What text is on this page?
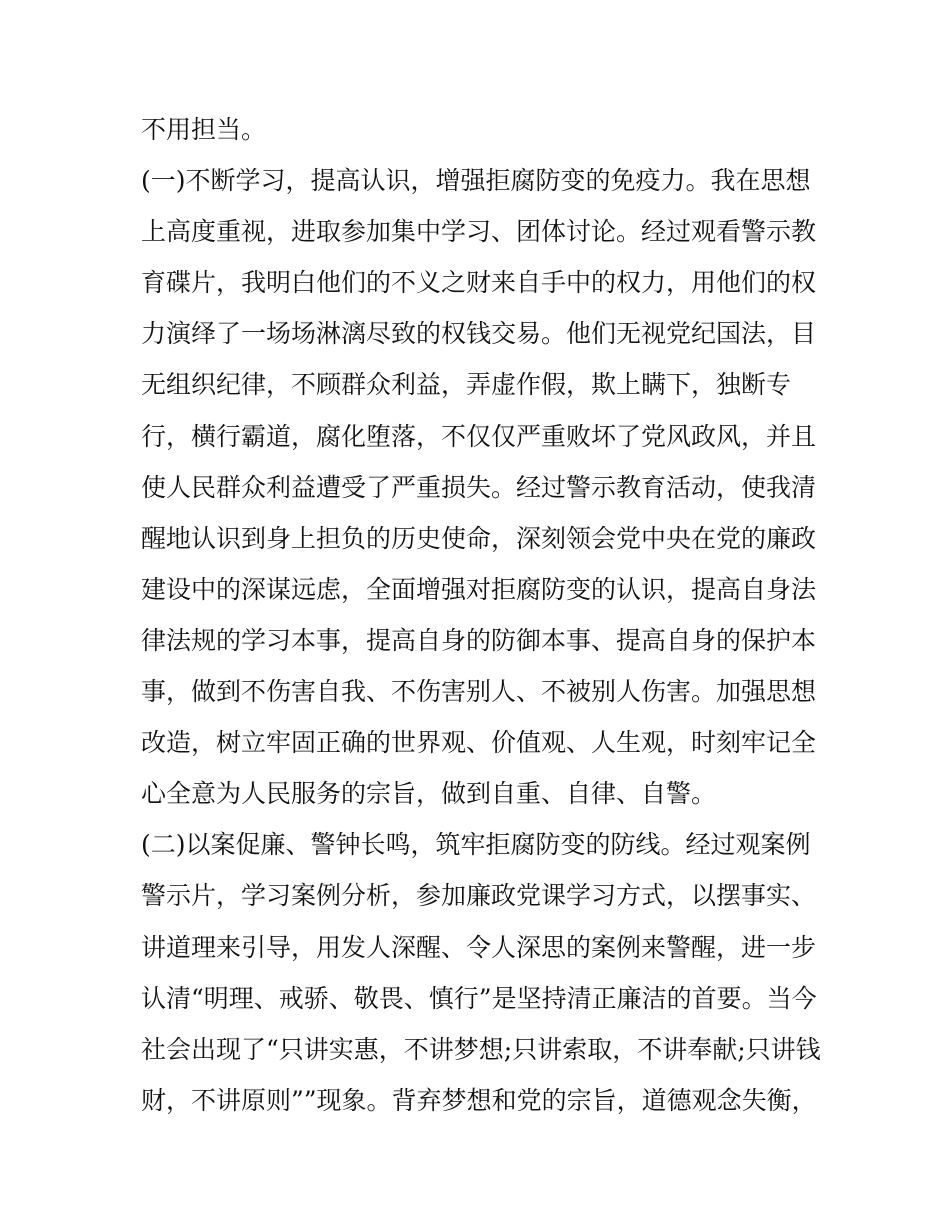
不用担当。
(一)不断学习，提高认识，增强拒腐防变的免疫力。我在思想
上高度重视，进取参加集中学习、团体讨论。经过观看警示教
育碟片，我明白他们的不义之财来自手中的权力，用他们的权
力演绎了一场场淋漓尽致的权钱交易。他们无视党纪国法，目
无组织纪律，不顾群众利益，弄虚作假，欺上瞒下，独断专
行，横行霸道，腐化堕落，不仅仅严重败坏了党风政风，并且
使人民群众利益遭受了严重损失。经过警示教育活动，使我清
醒地认识到身上担负的历史使命，深刻领会党中央在党的廉政
建设中的深谋远虑，全面增强对拒腐防变的认识，提高自身法
律法规的学习本事，提高自身的防御本事、提高自身的保护本
事，做到不伤害自我、不伤害别人、不被别人伤害。加强思想
改造，树立牢固正确的世界观、价值观、人生观，时刻牢记全
心全意为人民服务的宗旨，做到自重、自律、自警。
(二)以案促廉、警钟长鸣，筑牢拒腐防变的防线。经过观案例
警示片，学习案例分析，参加廉政党课学习方式，以摆事实、
讲道理来引导，用发人深醒、令人深思的案例来警醒，进一步
认清“明理、戒骄、敬畏、慎行”是坚持清正廉洁的首要。当今
社会出现了“只讲实惠，不讲梦想;只讲索取，不讲奉献;只讲钱
财，不讲原则””现象。背弃梦想和党的宗旨，道德观念失衡，
